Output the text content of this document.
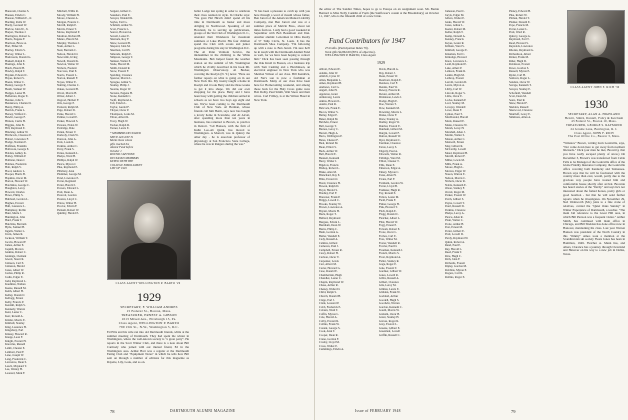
Hanscom, Charles S.
Hansen, Edwin C.
Hanson, William E., Jr.
Harding, Rolla W.
Hardy, Leonard W.
Harlow, John W., Jr.
Harper, Thomas J.
Harrington, Robert G.
Harris, Eugene F.
Harrison, Bruce A.
Hart, Elmer M.
Hartley, Edwin S.
Harvey, Walter L.
Hasbrouck, Donald G.
Haskell, Ralph E.
Hastings, John E.
Hatch, Harold H.
Hawley, Ralph T.
Hayden, Edward C.
Hayes, Robert S.
Hazen, Walter C.
Healey, George F.
Heath, Samuel W.
Hedges, Lester H.
Heffernan, Roger E.
Hendee, John S.
Henderson, Charles D.
Henry, Philip A.
Herrick, Frank L.
Hersey, Wilfred C.
Hewitt, George F.
Hickok, Curtis H.
Higgins, John B.
Hill, Raymond E.
Hinckley, Arthur W.
Hitchcock, Clarence E.
Hobart, Lawrence F.
Hodge, Norman E.
Hoffman, Franklin
Holbrook, George E.
Holden, Ashley K.
Holley, William P.
Hollister, Dean J.
Holmes, Frederick
Holt, Ralph V.
Hood, Andrew L.
Hooper, Harris B.
Hopkins, Oscar M.
Horton, Howard W.
Hotchkiss, George C.
Houghton, Leroy
Howard, Charles
Howe, Philip S.
Hubbard, Gordon L.
Hughes, Everett
Hull, Laurence L.
Humphrey, Rollin
Hunt, Merle J.
Huntington, John
Hurd, Frank T.
Hutchins, Bertram
Hyde, Samuel H.
Ingalls, Walter L.
Irwin, James R.
Jackson, William T.
Jacobs, Howard F.
James, Arthur E.
Jaquith, Morton
Jenkins, Robert C.
Jennings, Clement
Jewett, Stuart R.
Johnson, Carl E.
Johnston, Harold
Jones, Albert W.
Jordan, Philip R.
Joslin, Edgar E.
Judd, Raymond L.
Kaufman, Nathan
Keene, Russell M.
Keith, Albert H.
Kelley, Donald J.
Kellogg, Ernest
Kelly, Francis P.
Kendall, Ralph S.
Kennedy, Warren
Kent, Lester C.
Kerr, Ronald A.
Kidder, Morris E.
Kimball, Stanley
King, Laurence H.
Kingsbury, Earl
Kinney, Howard R.
Knapp, Leon F.
Knight, Everett H.
Knowles, Russell
Lamb, Chester E.
Lambert, Paul F.
Lane, Joseph W.
Lang, Frederick C.
Lawrence, Dean S.
Leach, Maynard T.
Lee, Wesley H.
Leonard, Mark F.
Mitchell, Willis R.
Moody, William H.
Moore, Chester A.
Morgan, Francis C.
Morrill, Ralph E.
Morris, Ernest T.
Morse, Raymond P.
Moulton, Richard B.
Munro, Harold M.
Murphy, Thomas J.
Nash, Arthur L.
Neal, Bertram C.
Nelson, Harold O.
Newcomb, Irving
Newell, Donald K.
Newton, Walter W.
Nichols, Frederic
Norcross, Paul E.
Norris, Everett L.
Norton, Russell F.
Noyes, Walter E.
Nutting, Charles C.
Oakes, Leonard B.
Olcott, Morris H.
Oliver, Albert J.
Osgood, Herbert F.
Otis, George P.
Packard, Ralph M.
Page, Robert D.
Paine, Harold C.
Palmer, Lowell E.
Parker, Howard S.
Parsons, Eldon W.
Partridge, Dale
Patten, Ernest V.
Peabody, Clark W.
Pearson, John A.
Peck, Louis R.
Perkins, Arthur C.
Perry, Frank S.
Pettee, Kenneth L.
Phelps, Ward H.
Phillips, Ralph W.
Pierce, Myron J.
Pike, Raymond E.
Pillsbury, Alan
Plummer, George M.
Pond, Lawrence E.
Porter, Reginald
Potter, Harold J.
Powers, Edward L.
Pratt, Dean A.
Prescott, Gordon
Preston, Lloyd C.
Prince, Walter H.
Proctor, Edwin F.
Putnam, Robert W.
Quimby, Harold E.
Sargent, Gilbert C.
Saunders, Paul E.
Sawyer, Wendell R.
Sayles, Earl G.
Schmidt, Arthur W.
Scott, Francis L.
Seaver, Howard A.
Sewall, Lester E.
Shattuck, Roy F.
Shaw, Leonard B.
Shepard, John M.
Sherman, Carl H.
Simonds, Ralph E.
Simpson, George T.
Skinner, Walter P.
Slade, Harold M.
Smith, Donald R.
Snow, Everett F.
Spalding, Clarence
Spencer, Morris L.
Sprague, Arthur S.
Stanley, Philip J.
Stearns, Roger W.
Stevens, Eugene H.
Stone, Kenneth C.
Swift, Raymond A.
Taft, Edwin L.
Taylor, Gerald F.
Thayer, Oscar P.
Thompson, Louis M.
Tilton, Albert R.
Tracy, Hugh W.
Tucker, Ralph D.
Turner, Lewis E.
* MEMBERS DECEASED
SINCE AUGUST 31
Marks those whose
gifts reached the
Alumni Fund before
October 1
ROUND CAPTIONS:
DECEASED MEMBERS
KEYED WITH THE
COLLEGE ENROLLMENT
LIST OF 1929
CLASS AGENT WELLINGTON P. BARTO '29
1929
SECRETARY, F. WILLIAM ANDRES
15 Federal St., Boston, Mass.
TREASURER, ERNEST A. GIBSON
1013 Mixed Ave., Pittsburgh 15, Pa.
Class Agent, WELLINGTON P. BARTO
799 15th St., N.W., Washington 5, D.C.

Ed Ellis and his wife ran into old Dartmouth friends, while at the summer meeting of Dartmouth. They had spent the winter in Washington, where the well-known society is "a great party". He reports in the Scott Winter Club, and there is a note about Bill Carmody who joined with our mutual friend, Ed in the Washington area. Arthur Hart was a regular at the Dartmouth Eating Club and "Equipment Notes" in which he tells how Bill sent on through a number of editions for this magazine as Rayette, Lily, Look, and so on.

ballot Lodge last spring in order to celebrate their class reunion in style. In Charlie says: "We gave Hal Hirsch didn't spend all his time in Dartmouth as busier and more obliging in Northwood. Speaking of Art Howland, he is serving up publications, groups of the Ski Club of Washington D. C., attended their Wanderers for mountain summers at Lake Placid. His four children spend the Club with scouts and junior programs during his stay in Washington D.C. The Al Penn Vermont Service, the midsummer in the climbing to the White Mountains. Bob helped found the weather station on the summit of Mt. Washington which he vividly described in his book Mt. Washington Observatory. Al Becker, covering the Roelyn (N. Y.) news: "Here are further reports on what is going on in our New York life. My twenty taught a home in Roelyn and it took Betty and me three weeks to get it into shape. We did our own shopping for the place. Betty and I have been busy with getting the children settled in schools as we have two boys age eight and ten. We've been coming to the Dartmouth Club of New York. Al Herman, whose friends call him Herm, says now has bought a lovely home in Scarsdale, and Al Alcott, after spending more than ten years in business, has returned to Brown, to practice in Detroit. "Gil Hanson, with the firm of Kuhn Leo-Ab Quirk, has moved to Washington. A Morrell, was in Quincy the other day - he is associate professor of physiology at San Francisco State College, where he was in Rutgers during the war."

"It has been a pleasure to catch up with you here through a word of mouth whose father, Ben Jarrett of the American Mutual Liability Company, met Ben Jarrett and was at a summer place of Melvin Bros., about ten miles from us. I only had a good weekend in September with Bob Beaumont and Dan. Another alumni: Lettermen in Ohio Realty of 57 Tulip Circle, St. Louis. It has the Dartmouth Shoe Company. "I'm following up with a note to Ben Jarrett. I'm sure he'll be in touch with the Dartmouth Alumni Fund as well, for we have been hoping to contact him." Dick has been seen passing through the Oak Knoll in Boston, on a business trip with Tom Cushing and a Hutchinson, an electrical engineer in New York who was Sheldon Wilson of our class. Bill Kendrick, old Nat's son is now a freshman at Dartmouth. Many of our class have been here for Homecoming weekend, and among those back for the Holy Cross game were Bob Dolby, Paul Smith, Walt Snow and their wives. Carl Fribley, is at the Wilton Hotel in New York.

78	DARTMOUTH ALUMNI MAGAZINE

the editor of The Sandler Times, hopes to go to Europe on an assignment soon. Mr. Bernie Bernard to Miss Nelly Conklin of Farm (the Sunflower's cousin at the Bloomsbury) on October 11, 1947, who is the fifteenth child of a new bride.

Fund Contributors for 1947
274 Gifts. (Participation Index 79).
Total gifts $4,862.00 (80% of objective).
WELLINGTON P. BARTO, Class Agent
1929
Abbott, Edward E.
Adams, John W.
Aldrich, Cyrus W.
Allen, Benjamin L.
Ames, Raymond H.
Andrews, Carl G.
Angell, John H.
Appleton, Grant
Armstrong, Lewis
Atkins, Howard L.
Austin, Paul R.
Babcock, Frank E.
Bacon, Walter S.
Bailey, Edgar P.
Baker, Ralph M.
Baldwin, Ernest
Ball, George T.
Barnes, Leroy C.
Barrett, Hugh A.
Barto, Wellington P.
Bates, Chester F.
Beal, Roland M.
Bean, Elliott S.
Beck, Arthur W.
Bell, Harold E.
Bennett, Kenneth
Berry, Walter J.
Bigelow, Francis
Bishop, Robert L.
Blake, Alan M.
Blanchard, Ray E.
Bliss, Everett O.
Bond, Clarence H.
Bowen, Ralph D.
Boyd, Harold S.
Bradley, Earl F.
Brewster, Frank P.
Briggs, Lowell C.
Brooks, Stanley W.
Brown, Lawrence A.
Bryant, Morris H.
Buck, Roger T.
Bullard, Raymond
Burgess, Edwin L.
Burnham, Dean W.
Burns, Philip C.
Bush, Gordon A.
Butler, Wendell E.
Cady, Russell A.
Calkins, Gilbert
Cameron, Paul J.
Campbell, Ernest R.
Carey, Robert H.
Carlson, Oscar V.
Carpenter, Lewis
Carr, Albert M.
Carter, Howard G.
Case, Ronald E.
Chamberlain, Hugh
Chandler, Lester C.
Chapin, Raymond W.
Chase, Arthur R.
Cheney, Walter D.
Child, Ralph S.
Church, Donald H.
Clapp, Earl J.
Clark, Leonard P.
Cobb, Frederick E.
Coburn, Ward T.
Coffin, Myron L.
Cole, Harold A.
Colby, Everett R.
Collins, Frank W.
Conant, George S.
Cook, Alan T.
Cooper, Dean R.
Crane, Gordon F.
Crosby, Lloyd M.
Cross, Walter E.
Cummings, Edwin A.
Davis, Harold A.
Day, Robert J.
Dean, Ernest W.
Dearborn, Ralph E.
Denison, Carl F.
Dennis, Paul W.
Dewey, Francis R.
Dexter, Arthur M.
Dickinson, Lewis J.
Dodge, Hugh E.
Doe, Warren T.
Dow, Kenneth M.
Downing, Morris L.
Drake, Oscar F.
Drew, Stanley A.
Dudley, Roger W.
Dunbar, Everett E.
Dunham, Gilbert M.
Durgin, Lowell F.
Dutton, Russell W.
Dyer, Raymond C.
Eastman, Clarence
Eaton, Leroy S.
Edgerly, Paul A.
Edwards, Walter R.
Eldridge, Ward M.
Elliott, Chester T.
Ellis, Dean E.
Emerson, Edgar A.
Emery, Myron C.
Estes, Allen H.
Evans, Earl F.
Farnham, Gordon W.
Farrar, Lloyd B.
Faulkner, Hugh R.
Fay, Ronald E.
Felton, Lester M.
Field, Frank F.
Fisher, George H.
Fisk, Howard T.
Fitch, Ralph E.
Flagg, Donald C.
Fletcher, Albert L.
Flint, Harold W.
Fogg, Ernest P.
Folsom, Robert E.
Foote, Oscar L.
Forbes, Carl E.
Foss, Walter M.
Foster, Wendell R.
Fowler, Paul D.
Freeman, Kenneth J.
French, Morris S.
Frost, Raymond A.
Fuller, Stanley R.
Gage, Roger E.
Gale, Everett T.
Gardner, Gilbert W.
Gates, Lowell R.
Gibbs, Russell A.
Gilbert, Clarence
Gile, Leroy M.
Gilman, Lewis E.
Glidden, Frank W.
Goddard, Arthur
Goodell, Hugh S.
Goodwin, Warren
Gordon, Kenneth C.
Gould, Morris W.
Graham, Oscar B.
Grant, Stanley H.
Graves, Roger R.
Gray, Everett L.
Greene, Gilbert E.
Greenleaf, Lowell
Griffin, Russell C.
Jameson, Paul C.
Jarvis, Edgar M.
Jeffers, Walter E.
Jenks, Harold W.
Jones, Arthur L.
Keeler, Robert M.
Keller, Ralph T.
Kemp, Donald A.
Kenney, Francis
Keyes, Lester R.
Kilburn, Ward S.
Kimball, George E.
Kinsman, Earl C.
Kittredge, Howard
Knox, Lawrence L.
Ladd, Raymond E.
Lake, Albert P.
Lamson, Frank R.
Larkin, Hugh M.
Lathrop, Everett
Leavitt, Gordon D.
Lewis, Myron A.
Libby, Carl W.
Lincoln, Roger S.
Little, Oscar E.
Locke, Kenneth P.
Lord, Stanley M.
Lovejoy, Wendell
Lowe, Dean F.
Lyman, Paul T.
MacDonald, Harold
Mack, Russell E.
Mann, Clarence W.
Marsh, Leroy H.
Marshall, Allen J.
Martin, Walter S.
Mason, Arthur C.
Maxwell, Ernest
May, Gilbert R.
McCarthy, Lowell
Mead, Raymond H.
Merrill, Robert F.
Miller, Lewis M.
Mills, Frank A.
Moore, Hugh L.
Morton, Edgar W.
Nason, Warren E.
Nelson, Morris C.
Nichols, Oscar R.
Noble, Kenneth E.
Olson, Stanley F.
Orcutt, Roger M.
Parker, Everett W.
Patch, Gilbert S.
Payne, Lowell T.
Pearl, Russell D.
Perkins, Clarence
Phelps, Leroy A.
Pierce, Allen R.
Plant, Walter C.
Poole, Arthur H.
Post, Ernest M.
Potter, Gilbert E.
Pratt, Lowell D.
Purdy, Raymond W.
Quinn, Robert A.
Rand, Paul E.
Ray, Harold L.
Reed, Frank T.
Rice, Hugh C.
Rich, John F.
Richards, Everett
Ripley, Gordon M.
Robbins, Myron P.
Rogers, Carl R.
Rollins, Roger E.
Pinney, Edward H.
Pike, Robert W.
Pitman, Harold T.
Plumer, Donald E.
Pope, Francis M.
Porter, Lester L.
Pratt, Ward R.
Quincy, George A.
Raymond, Earl T.
Read, Howard S.
Reynolds, Lawrence
Rhodes, Raymond G.
Richardson, Albert
Ricker, Frank M.
Rider, Hugh D.
Robinson, Everett
Rowe, Gordon S.
Russell, Myron E.
Ryder, Carl H.
Sanborn, Roger L.
Sanders, Oscar W.
Savage, Kenneth T.
Sawyer, Stanley E.
Schofield, Wendell
Scott, Dean M.
Sears, Paul R.
Shaw, Harold F.
Sheldon, Russell
Sherwood, Clarence
Shurtleff, Leroy E.
Simmons, Allen A.
CLASS AGENT JOHN F. RICH '30
1930
SECRETARY, ALAN A. HIGHLAND
Hewitt, Smith, Daniell, Fabry & Ketchum
43 Federal St., Boston 10, Mass.
TREASURER, GEORGE S. RAYMOND
24 Jerome Lane, Barrington, R. I.
Class Agent, JOHN F. RICH
The Post Office Co., Beaver 3, Mass.

"Winslow" Brown, writing from Louisville, says, "Not come down here to get away from northern blizzards." Dick (our man he met, Brown's), that you have really escaped plenty of snow.) On December 3, Brown's was transferred from Cable Falls to be Manager of the Louisville office of the Globe Fidelity Insurance Company, the Louisville office covering both Kentucky and Tennessee. Brown says that he will be fascinated with the country more than ever, would, partly due to the gracious way people have treated him and comfortable house shortly after arrival. Brownie has heard stories of the "Derby" and says he's not interested about the famed horses, pretty girls or good bourbon - but that he will send further reports when he investigates. On November 29, Ned Wentworth (Mr.) joins to a fine crane of relatives, carried the "Quiet Oaks Sunday" in Winter Experience of Dartmouth, a teacher. "The main Jail reference to the Great Hill area, in which Bill Pierson was a frequent visitor." Arthur Smith, has continued with main office in Chicago, and Bill Sheldon has done office now in Hanover, mentioning his class. Last year Warren Hanson was president of the North Country in this "Jimmy" Amos took a mention at the Scandinavian ski society Fleets Jones has been in Hamilton, 1949. Fletcher A. Mann has, and others, Clarence has a journey through Cleveland and Hanover on his way to a new job in Dallas, Texas.

Issue of FEBRUARY 1948	79
